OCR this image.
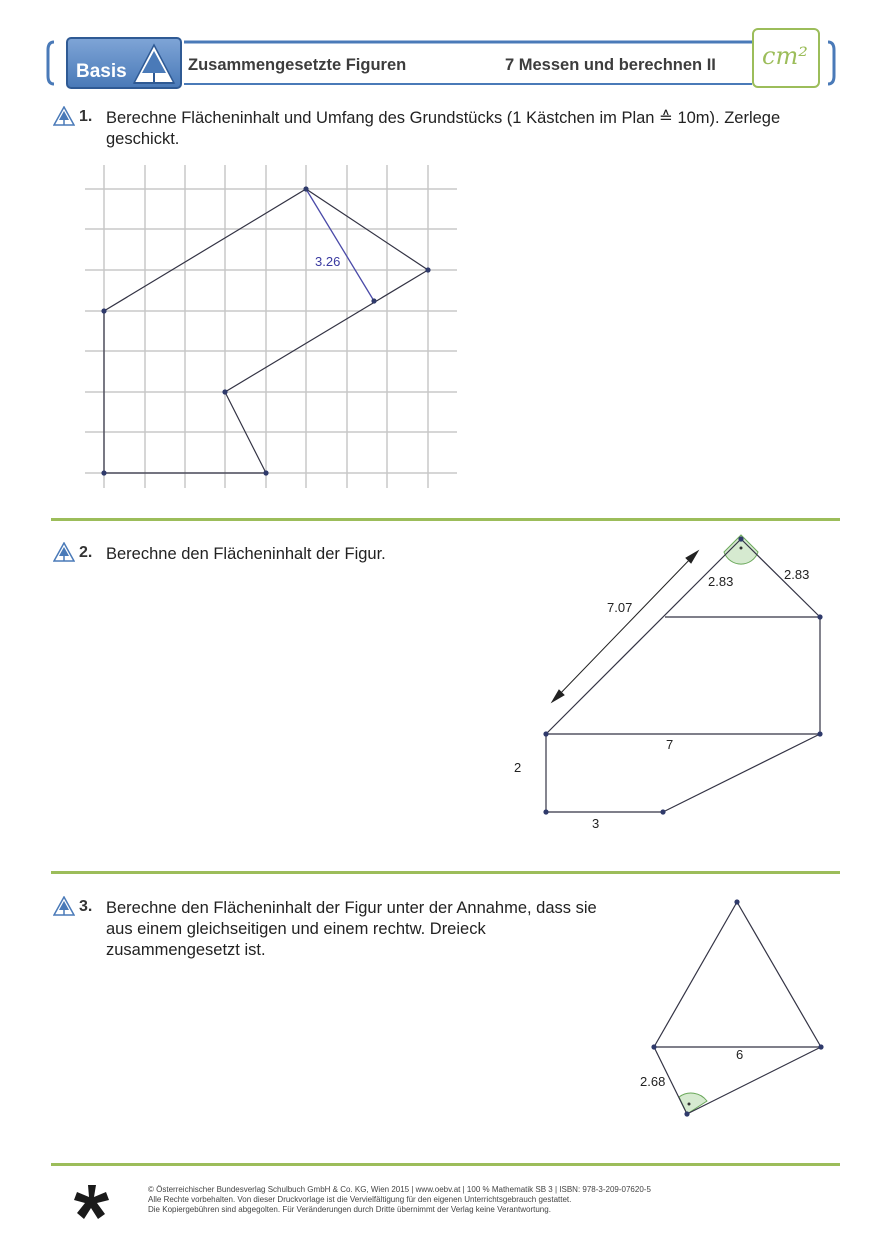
Basis	Zusammengesetzte Figuren	7 Messen und berechnen II cm²
1. Berechne Flächeninhalt und Umfang des Grundstücks (1 Kästchen im Plan ≙ 10m). Zerlege geschickt.
3.26
2. Berechne den Flächeninhalt der Figur.
7.07
2.83	2.83
7
2
3
3. Berechne den Flächeninhalt der Figur unter der Annahme, dass sie aus einem gleichseitigen und einem rechtw. Dreieck zusammengesetzt ist.
6
2.68
© Österreichischer Bundesverlag Schulbuch GmbH & Co. KG, Wien 2015 | www.oebv.at | 100 % Mathematik SB 3 | ISBN: 978-3-209-07620-5
Alle Rechte vorbehalten. Von dieser Druckvorlage ist die Vervielfältigung für den eigenen Unterrichtsgebrauch gestattet.
Die Kopiergebühren sind abgegolten. Für Veränderungen durch Dritte übernimmt der Verlag keine Verantwortung.
